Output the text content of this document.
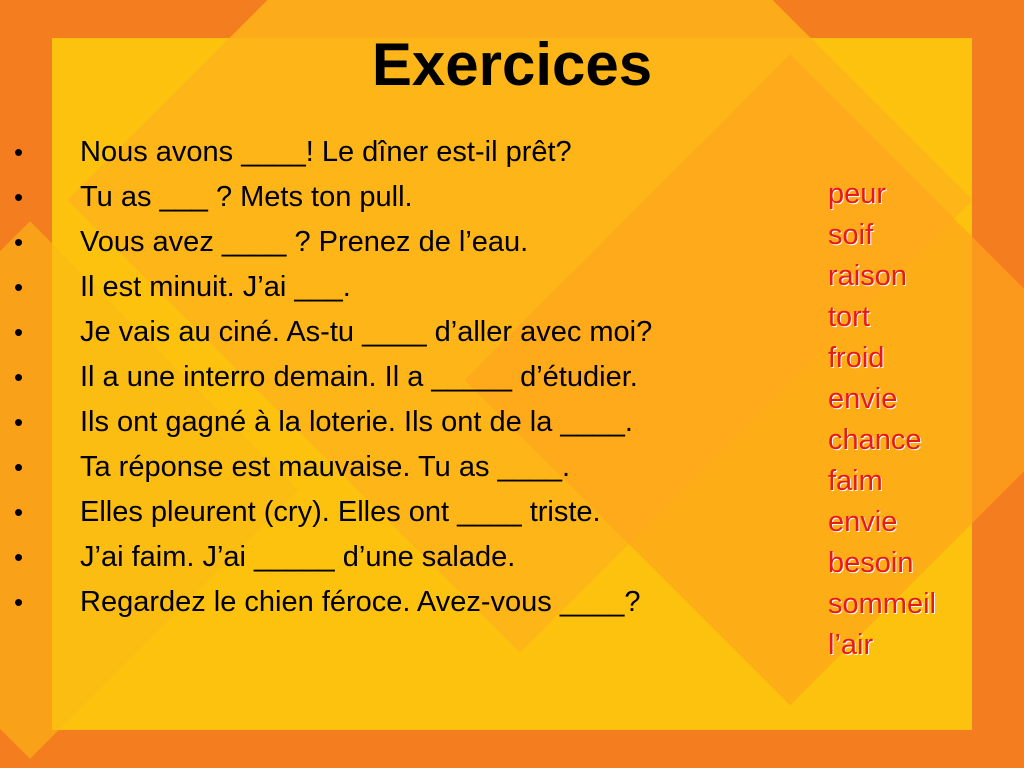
Exercices
• Nous avons ____! Le dîner est-il prêt?
• Tu as ___ ? Mets ton pull.
• Vous avez ____ ? Prenez de l’eau.
• Il est minuit. J’ai ___.
• Je vais au ciné. As-tu ____ d’aller avec moi?
• Il a une interro demain. Il a _____ d’étudier.
• Ils ont gagné à la loterie. Ils ont de la ____.
• Ta réponse est mauvaise. Tu as ____.
• Elles pleurent (cry). Elles ont ____ triste.
• J’ai faim. J’ai _____ d’une salade.
• Regardez le chien féroce. Avez-vous ____?
peur
soif
raison
tort
froid
envie
chance
faim
envie
besoin
sommeil
l’air
